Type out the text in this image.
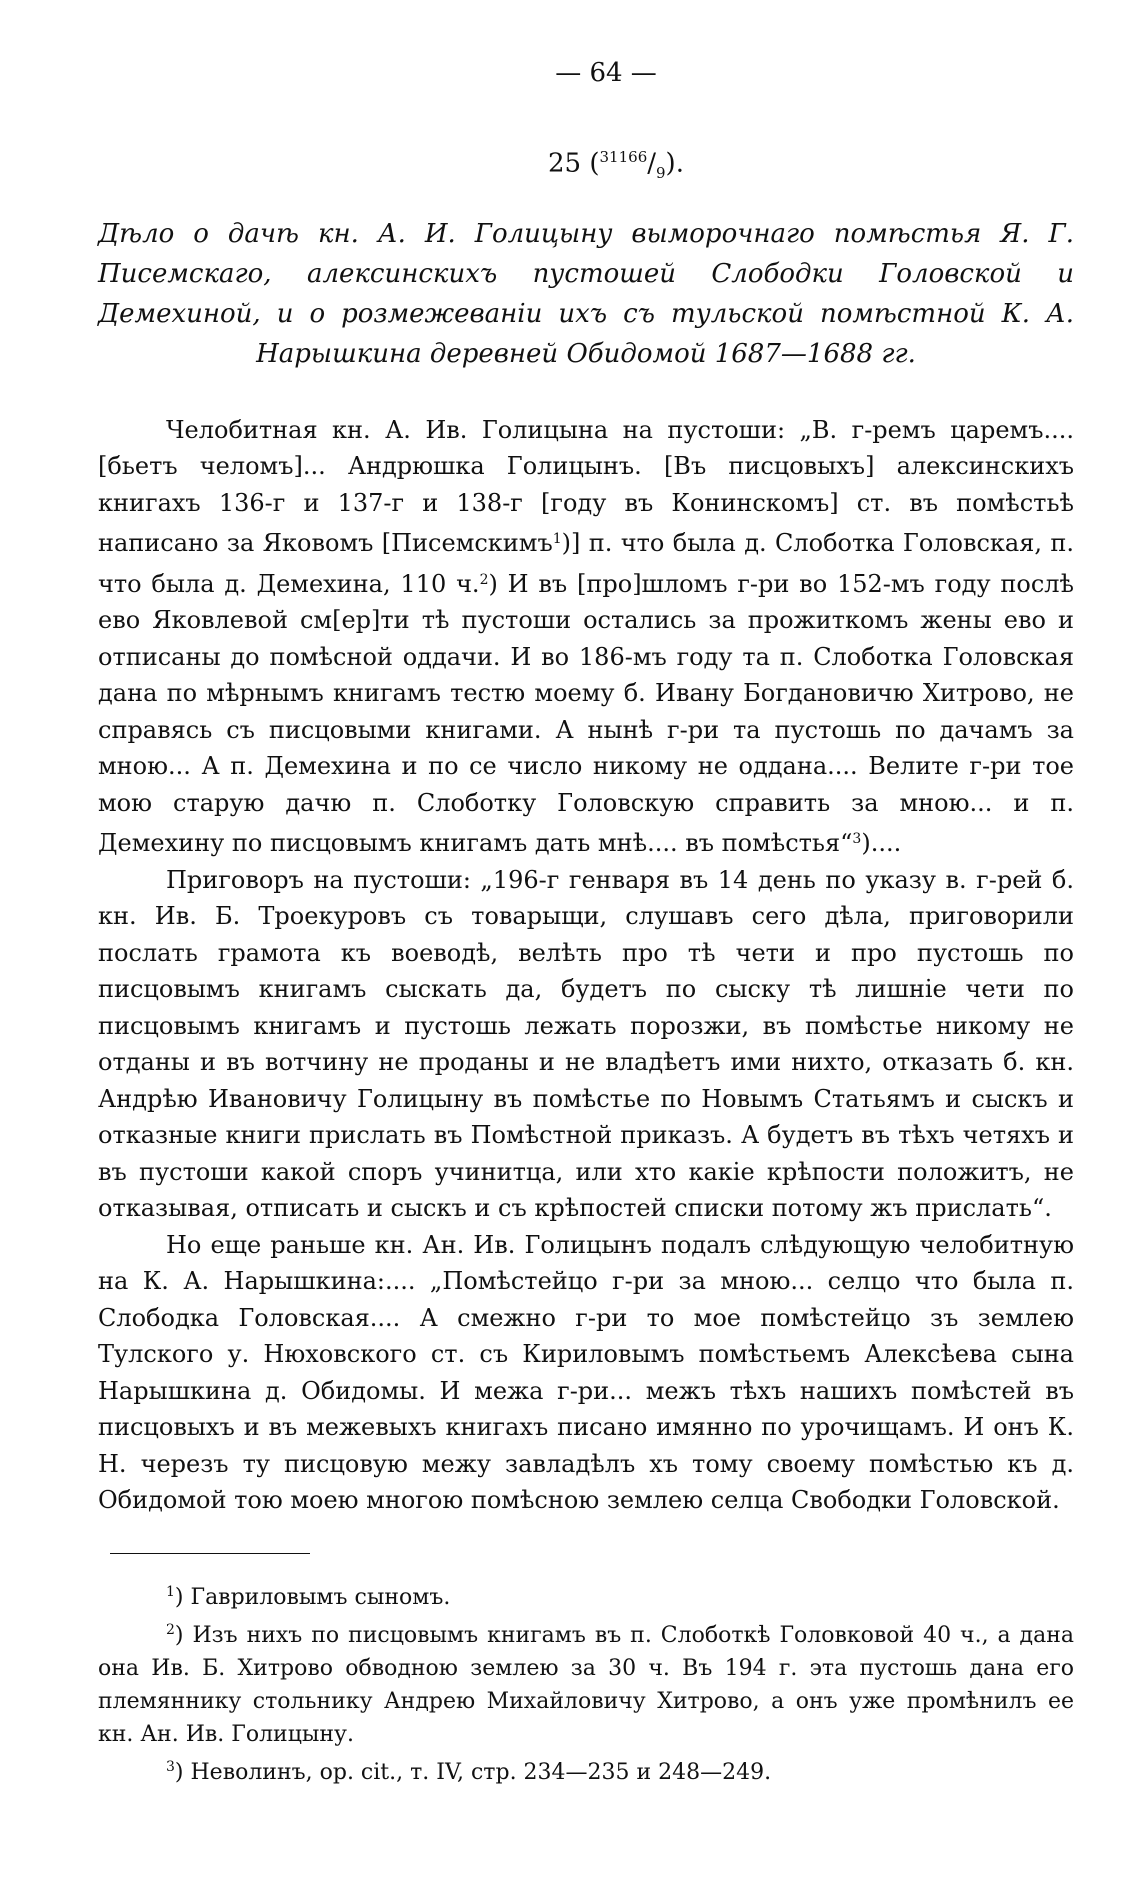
— 64 —
25 $(^{31166}/_9)$.
Дѣло о дачѣ кн. А. И. Голицыну выморочнаго помѣстья Я. Г. Писемскаго, алексинскихъ пустошей Слободки Головской и Демехиной, и о розмежеваніи ихъ съ тульской помѣстной К. А. Нарышкина деревней Обидомой 1687—1688 гг.

Челобитная кн. А. Ив. Голицына на пустоши: „В. г-ремъ царемъ.... [бьетъ челомъ]... Андрюшка Голицынъ. [Въ писцовыхъ] алексинскихъ книгахъ 136-г и 137-г и 138-г [году въ Конинскомъ] ст. въ помѣстьѣ написано за Яковомъ [Писемскимъ$^1$)] п. что была д. Слоботка Головская, п. что была д. Демехина, 110 ч.$^2$) И въ [про]шломъ г-ри во 152-мъ году послѣ ево Яковлевой см[ер]ти тѣ пустоши остались за прожиткомъ жены ево и отписаны до помѣсной оддачи. И во 186-мъ году та п. Слоботка Головская дана по мѣрнымъ книгамъ тестю моему б. Ивану Богдановичю Хитрово, не справясь съ писцовыми книгами. А нынѣ г-ри та пустошь по дачамъ за мною... А п. Демехина и по се число никому не оддана.... Велите г-ри тое мою старую дачю п. Слоботку Головскую справить за мною... и п. Демехину по писцовымъ книгамъ дать мнѣ.... въ помѣстья“$^3$)....

Приговоръ на пустоши: „196-г генваря въ 14 день по указу в. г-рей б. кн. Ив. Б. Троекуровъ съ товарыщи, слушавъ сего дѣла, приговорили послать грамота къ воеводѣ, велѣть про тѣ чети и про пустошь по писцовымъ книгамъ сыскать да, будетъ по сыску тѣ лишніе чети по писцовымъ книгамъ и пустошь лежать порозжи, въ помѣстье никому не отданы и въ вотчину не проданы и не владѣетъ ими нихто, отказать б. кн. Андрѣю Ивановичу Голицыну въ помѣстье по Новымъ Статьямъ и сыскъ и отказные книги прислать въ Помѣстной приказъ. А будетъ въ тѣхъ четяхъ и въ пустоши какой споръ учинитца, или хто какіе крѣпости положитъ, не отказывая, отписать и сыскъ и съ крѣпостей списки потому жъ прислать“.

Но еще раньше кн. Ан. Ив. Голицынъ подалъ слѣдующую челобитную на К. А. Нарышкина:.... „Помѣстейцо г-ри за мною... селцо что была п. Слободка Головская.... А смежно г-ри то мое помѣстейцо зъ землею Тулского у. Нюховского ст. съ Кириловымъ помѣстьемъ Алексѣева сына Нарышкина д. Обидомы. И межа г-ри... межъ тѣхъ нашихъ помѣстей въ писцовыхъ и въ межевыхъ книгахъ писано имянно по урочищамъ. И онъ К. Н. черезъ ту писцовую межу завладѣлъ хъ тому своему помѣстью къ д. Обидомой тою моею многою помѣсною землею селца Свободки Головской.

$^1$) Гавриловымъ сыномъ.

$^2$) Изъ нихъ по писцовымъ книгамъ въ п. Слоботкѣ Головковой 40 ч., а дана она Ив. Б. Хитрово обводною землею за 30 ч. Въ 194 г. эта пустошь дана его племяннику стольнику Андрею Михайловичу Хитрово, а онъ уже промѣнилъ ее кн. Ан. Ив. Голицыну.

$^3$) Неволинъ, op. cit., т. IV, стр. 234—235 и 248—249.
